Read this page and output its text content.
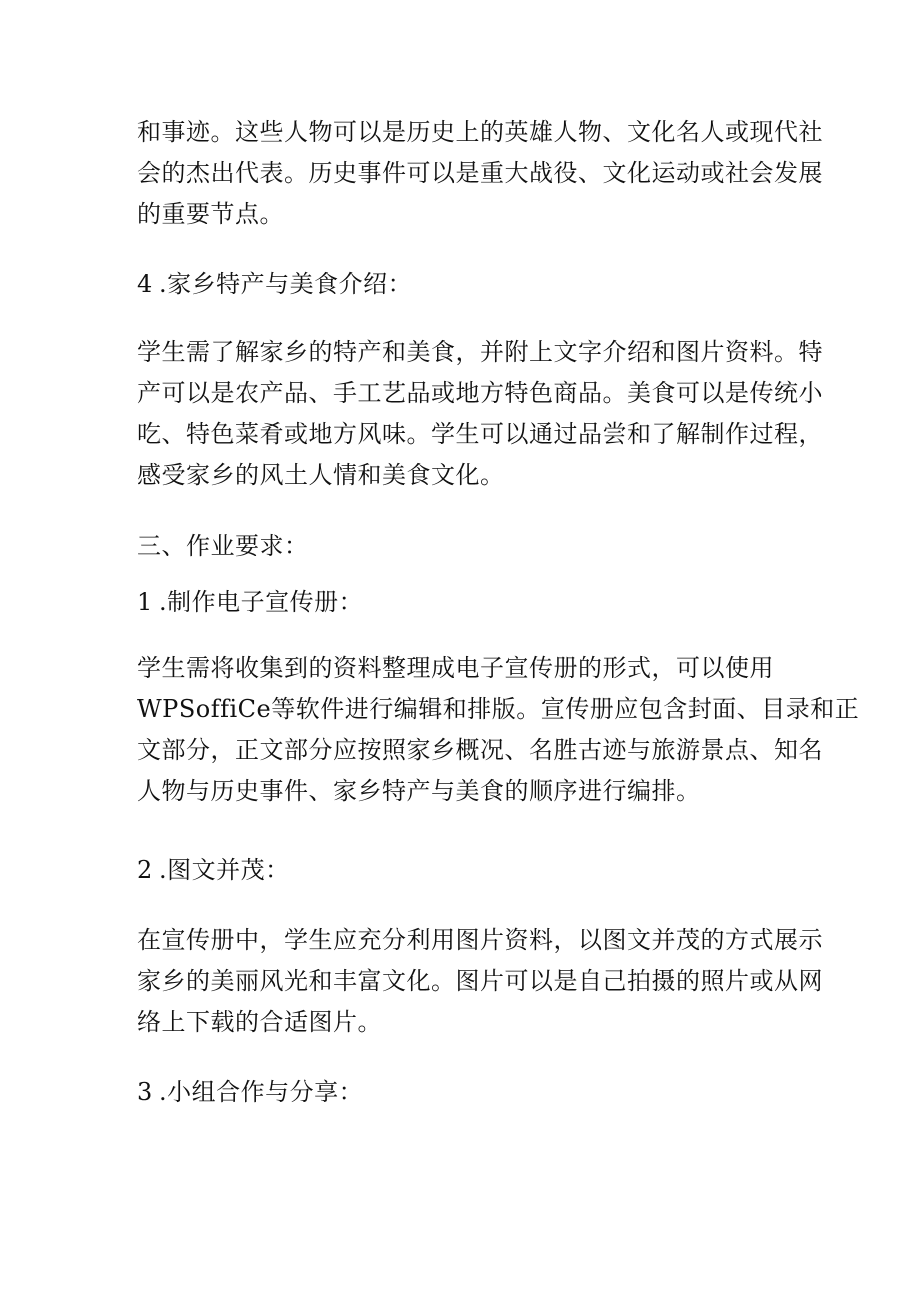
和事迹。这些人物可以是历史上的英雄人物、文化名人或现代社
会的杰出代表。历史事件可以是重大战役、文化运动或社会发展
的重要节点。
4 .家乡特产与美食介绍：
学生需了解家乡的特产和美食，并附上文字介绍和图片资料。特
产可以是农产品、手工艺品或地方特色商品。美食可以是传统小
吃、特色菜肴或地方风味。学生可以通过品尝和了解制作过程，
感受家乡的风土人情和美食文化。
三、作业要求：
1 .制作电子宣传册：
学生需将收集到的资料整理成电子宣传册的形式，可以使用
WPSoffiCe等软件进行编辑和排版。宣传册应包含封面、目录和正
文部分，正文部分应按照家乡概况、名胜古迹与旅游景点、知名
人物与历史事件、家乡特产与美食的顺序进行编排。
2 .图文并茂：
在宣传册中，学生应充分利用图片资料，以图文并茂的方式展示
家乡的美丽风光和丰富文化。图片可以是自己拍摄的照片或从网
络上下载的合适图片。
3 .小组合作与分享：
